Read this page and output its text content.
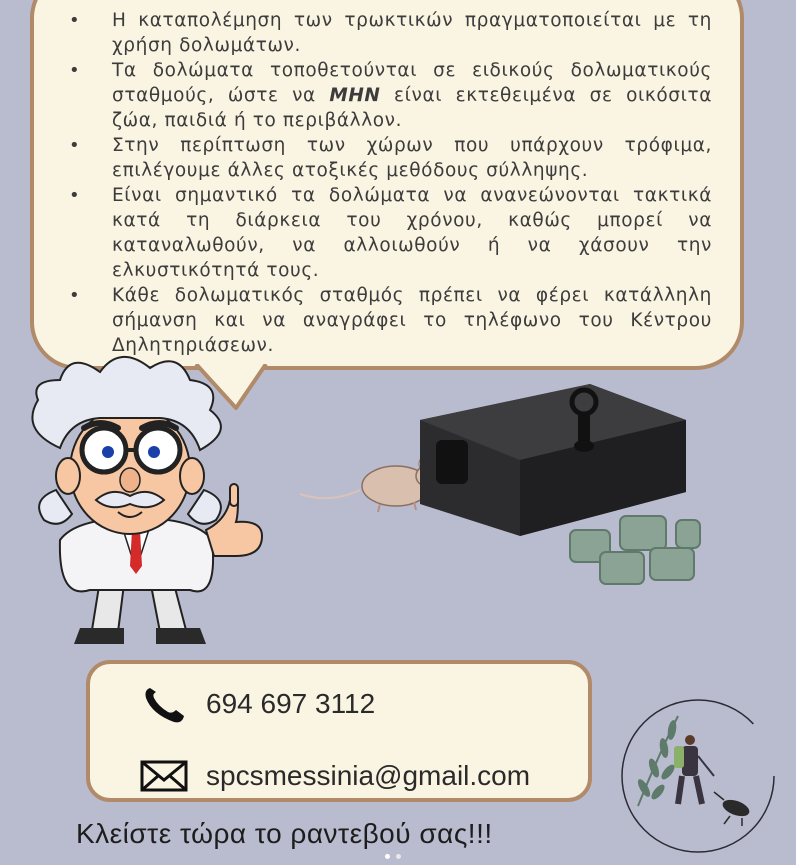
• Η καταπολέμηση των τρωκτικών πραγματοποιείται με τη χρήση δολωμάτων.
• Τα δολώματα τοποθετούνται σε ειδικούς δολωματικούς σταθμούς, ώστε να ΜΗΝ είναι εκτεθειμένα σε οικόσιτα ζώα, παιδιά ή το περιβάλλον.
• Στην περίπτωση των χώρων που υπάρχουν τρόφιμα, επιλέγουμε άλλες ατοξικές μεθόδους σύλληψης.
• Είναι σημαντικό τα δολώματα να ανανεώνονται τακτικά κατά τη διάρκεια του χρόνου, καθώς μπορεί να καταναλωθούν, να αλλοιωθούν ή να χάσουν την ελκυστικότητά τους.
• Κάθε δολωματικός σταθμός πρέπει να φέρει κατάλληλη σήμανση και να αναγράφει το τηλέφωνο του Κέντρου Δηλητηριάσεων.
694 697 3112
spcsmessinia@gmail.com
Κλείστε τώρα το ραντεβού σας!!!
